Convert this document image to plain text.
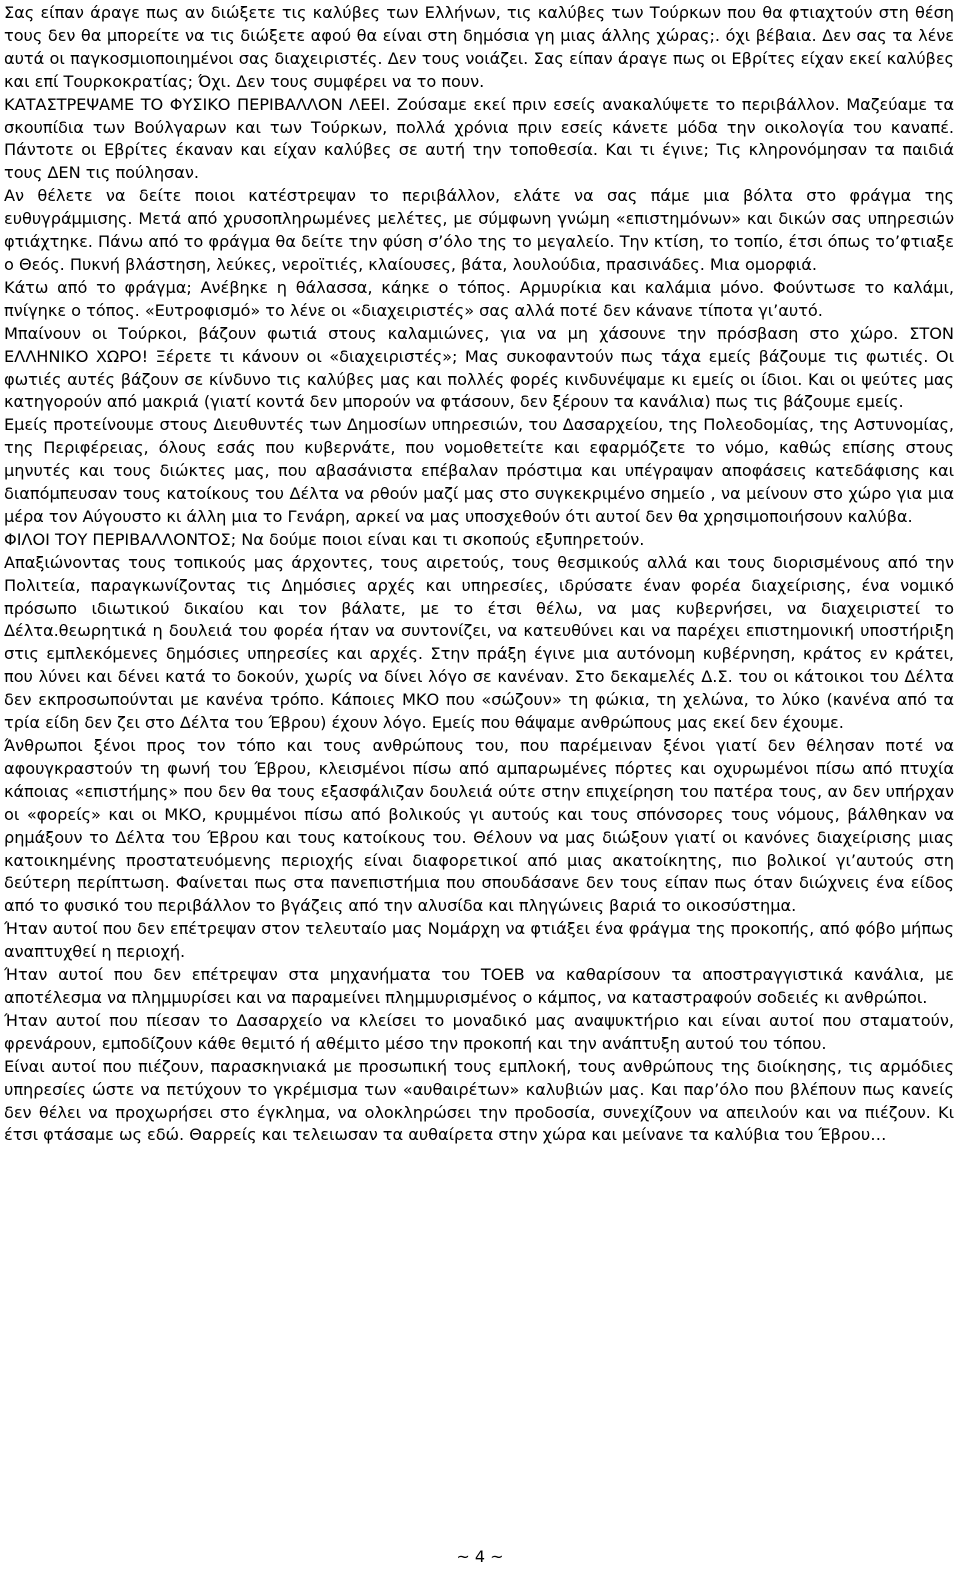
Σας είπαν άραγε πως αν διώξετε τις καλύβες των Ελλήνων, τις καλύβες των Τούρκων που θα φτιαχτούν στη θέση τους δεν θα μπορείτε να τις διώξετε αφού θα είναι στη δημόσια γη μιας άλλης χώρας;. όχι βέβαια. Δεν σας τα λένε αυτά οι παγκοσμιοποιημένοι σας διαχειριστές. Δεν τους νοιάζει. Σας είπαν άραγε πως οι Εβρίτες είχαν εκεί καλύβες και επί Τουρκοκρατίας; Όχι. Δεν τους συμφέρει να το πουν.

ΚΑΤΑΣΤΡΕΨΑΜΕ ΤΟ ΦΥΣΙΚΟ ΠΕΡΙΒΑΛΛΟΝ ΛΕΕΙ. Ζούσαμε εκεί πριν εσείς ανακαλύψετε το περιβάλλον. Μαζεύαμε τα σκουπίδια των Βούλγαρων και των Τούρκων, πολλά χρόνια πριν εσείς κάνετε μόδα την οικολογία του καναπέ. Πάντοτε οι Εβρίτες έκαναν και είχαν καλύβες σε αυτή την τοποθεσία. Και τι έγινε; Τις κληρονόμησαν τα παιδιά τους ΔΕΝ τις πούλησαν.

Αν θέλετε να δείτε ποιοι κατέστρεψαν το περιβάλλον, ελάτε να σας πάμε μια βόλτα στο φράγμα της ευθυγράμμισης. Μετά από χρυσοπληρωμένες μελέτες, με σύμφωνη γνώμη «επιστημόνων» και δικών σας υπηρεσιών φτιάχτηκε. Πάνω από το φράγμα θα δείτε την φύση σ’όλο της το μεγαλείο. Την κτίση, το τοπίο, έτσι όπως το’φτιαξε ο Θεός. Πυκνή βλάστηση, λεύκες, νεροϊτιές, κλαίουσες, βάτα, λουλούδια, πρασινάδες. Μια ομορφιά.

Κάτω από το φράγμα; Ανέβηκε η θάλασσα, κάηκε ο τόπος. Αρμυρίκια και καλάμια μόνο. Φούντωσε το καλάμι, πνίγηκε ο τόπος. «Ευτροφισμό» το λένε οι «διαχειριστές» σας αλλά ποτέ δεν κάνανε τίποτα γι’αυτό.

Μπαίνουν οι Τούρκοι, βάζουν φωτιά στους καλαμιώνες, για να μη χάσουνε την πρόσβαση στο χώρο. ΣΤΟΝ ΕΛΛΗΝΙΚΟ ΧΩΡΟ! Ξέρετε τι κάνουν οι «διαχειριστές»; Μας συκοφαντούν πως τάχα εμείς βάζουμε τις φωτιές. Οι φωτιές αυτές βάζουν σε κίνδυνο τις καλύβες μας και πολλές φορές κινδυνέψαμε κι εμείς οι ίδιοι. Και οι ψεύτες μας κατηγορούν από μακριά (γιατί κοντά δεν μπορούν να φτάσουν, δεν ξέρουν τα κανάλια) πως τις βάζουμε εμείς.

Εμείς προτείνουμε στους Διευθυντές των Δημοσίων υπηρεσιών, του Δασαρχείου, της Πολεοδομίας, της Αστυνομίας, της Περιφέρειας, όλους εσάς που κυβερνάτε, που νομοθετείτε και εφαρμόζετε το νόμο, καθώς επίσης στους μηνυτές και τους διώκτες μας, που αβασάνιστα επέβαλαν πρόστιμα και υπέγραψαν αποφάσεις κατεδάφισης και διαπόμπευσαν τους κατοίκους του Δέλτα να ρθούν μαζί μας στο συγκεκριμένο σημείο , να μείνουν στο χώρο για μια μέρα τον Αύγουστο κι άλλη μια το Γενάρη, αρκεί να μας υποσχεθούν ότι αυτοί δεν θα χρησιμοποιήσουν καλύβα.

ΦΙΛΟΙ ΤΟΥ ΠΕΡΙΒΑΛΛΟΝΤΟΣ; Να δούμε ποιοι είναι και τι σκοπούς εξυπηρετούν.

Απαξιώνοντας τους τοπικούς μας άρχοντες, τους αιρετούς, τους θεσμικούς αλλά και τους διορισμένους από την Πολιτεία, παραγκωνίζοντας τις Δημόσιες αρχές και υπηρεσίες, ιδρύσατε έναν φορέα διαχείρισης, ένα νομικό πρόσωπο ιδιωτικού δικαίου και τον βάλατε, με το έτσι θέλω, να μας κυβερνήσει, να διαχειριστεί το Δέλτα.θεωρητικά η δουλειά του φορέα ήταν να συντονίζει, να κατευθύνει και να παρέχει επιστημονική υποστήριξη στις εμπλεκόμενες δημόσιες υπηρεσίες και αρχές. Στην πράξη έγινε μια αυτόνομη κυβέρνηση, κράτος εν κράτει, που λύνει και δένει κατά το δοκούν, χωρίς να δίνει λόγο σε κανέναν. Στο δεκαμελές Δ.Σ. του οι κάτοικοι του Δέλτα δεν εκπροσωπούνται με κανένα τρόπο. Κάποιες ΜΚΟ που «σώζουν» τη φώκια, τη χελώνα, το λύκο (κανένα από τα τρία είδη δεν ζει στο Δέλτα του Έβρου) έχουν λόγο. Εμείς που θάψαμε ανθρώπους μας εκεί δεν έχουμε.

Άνθρωποι ξένοι προς τον τόπο και τους ανθρώπους του, που παρέμειναν ξένοι γιατί δεν θέλησαν ποτέ να αφουγκραστούν τη φωνή του Έβρου, κλεισμένοι πίσω από αμπαρωμένες πόρτες και οχυρωμένοι πίσω από πτυχία κάποιας «επιστήμης» που δεν θα τους εξασφάλιζαν δουλειά ούτε στην επιχείρηση του πατέρα τους, αν δεν υπήρχαν οι «φορείς» και οι ΜΚΟ, κρυμμένοι πίσω από βολικούς γι αυτούς και τους σπόνσορες τους νόμους, βάλθηκαν να ρημάξουν το Δέλτα του Έβρου και τους κατοίκους του. Θέλουν να μας διώξουν γιατί οι κανόνες διαχείρισης μιας κατοικημένης προστατευόμενης περιοχής είναι διαφορετικοί από μιας ακατοίκητης, πιο βολικοί γι’αυτούς στη δεύτερη περίπτωση. Φαίνεται πως στα πανεπιστήμια που σπουδάσανε δεν τους είπαν πως όταν διώχνεις ένα είδος από το φυσικό του περιβάλλον το βγάζεις από την αλυσίδα και πληγώνεις βαριά το οικοσύστημα.

Ήταν αυτοί που δεν επέτρεψαν στον τελευταίο μας Νομάρχη να φτιάξει ένα φράγμα της προκοπής, από φόβο μήπως αναπτυχθεί η περιοχή.

Ήταν αυτοί που δεν επέτρεψαν στα μηχανήματα του ΤΟΕΒ να καθαρίσουν τα αποστραγγιστικά κανάλια, με αποτέλεσμα να πλημμυρίσει και να παραμείνει πλημμυρισμένος ο κάμπος, να καταστραφούν σοδειές κι ανθρώποι.

Ήταν αυτοί που πίεσαν το Δασαρχείο να κλείσει το μοναδικό μας αναψυκτήριο και είναι αυτοί που σταματούν, φρενάρουν, εμποδίζουν κάθε θεμιτό ή αθέμιτο μέσο την προκοπή και την ανάπτυξη αυτού του τόπου.

Είναι αυτοί που πιέζουν, παρασκηνιακά με προσωπική τους εμπλοκή, τους ανθρώπους της διοίκησης, τις αρμόδιες υπηρεσίες ώστε να πετύχουν το γκρέμισμα των «αυθαιρέτων» καλυβιών μας. Και παρ’όλο που βλέπουν πως κανείς δεν θέλει να προχωρήσει στο έγκλημα, να ολοκληρώσει την προδοσία, συνεχίζουν να απειλούν και να πιέζουν. Κι έτσι φτάσαμε ως εδώ. Θαρρείς και τελειωσαν τα αυθαίρετα στην χώρα και μείνανε τα καλύβια του Έβρου…

~ 4 ~
